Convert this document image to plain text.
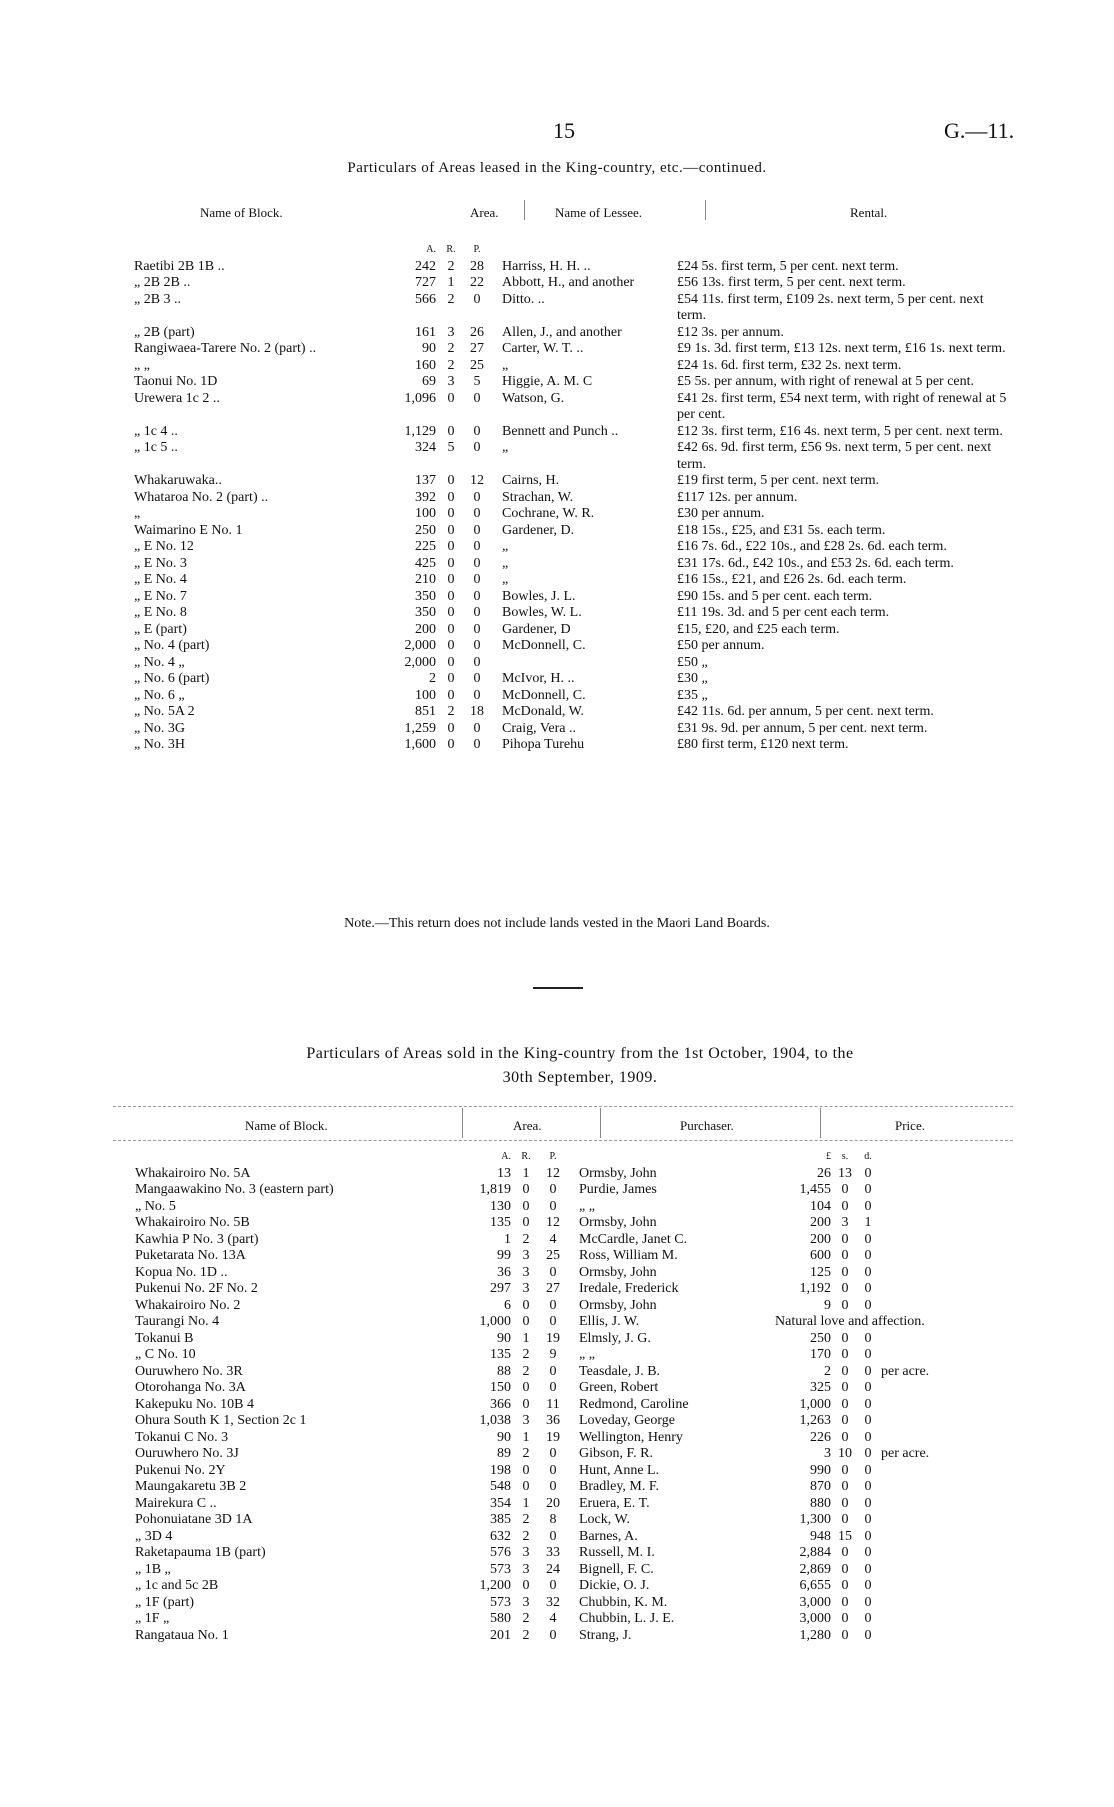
15	G.—11.
Particulars of Areas leased in the King-country, etc.—continued.
Name of Block.	Area.	Name of Lessee.	Rental.
	A.	R.	P.			
Raetibi 2B 1B ..	242	2	28		Harriss, H. H. ..	£24 5s. first term, 5 per cent. next term.
„ 2B 2B ..	727	1	22		Abbott, H., and another	£56 13s. first term, 5 per cent. next term.
„ 2B 3 ..	566	2	0		Ditto. ..	£54 11s. first term, £109 2s. next term, 5 per cent. next term.
„ 2B (part)	161	3	26		Allen, J., and another	£12 3s. per annum.
Rangiwaea-Tarere No. 2 (part) ..	90	2	27		Carter, W. T. ..	£9 1s. 3d. first term, £13 12s. next term, £16 1s. next term.
„ „	160	2	25		„	£24 1s. 6d. first term, £32 2s. next term.
Taonui No. 1D	69	3	5		Higgie, A. M. C	£5 5s. per annum, with right of renewal at 5 per cent.
Urewera 1c 2 ..	1,096	0	0		Watson, G.	£41 2s. first term, £54 next term, with right of renewal at 5 per cent.
„ 1c 4 ..	1,129	0	0		Bennett and Punch ..	£12 3s. first term, £16 4s. next term, 5 per cent. next term.
„ 1c 5 ..	324	5	0		„	£42 6s. 9d. first term, £56 9s. next term, 5 per cent. next term.
Whakaruwaka..	137	0	12		Cairns, H.	£19 first term, 5 per cent. next term.
Whataroa No. 2 (part) ..	392	0	0		Strachan, W.	£117 12s. per annum.
„	100	0	0		Cochrane, W. R.	£30 per annum.
Waimarino E No. 1	250	0	0		Gardener, D.	£18 15s., £25, and £31 5s. each term.
„ E No. 12	225	0	0		„	£16 7s. 6d., £22 10s., and £28 2s. 6d. each term.
„ E No. 3	425	0	0		„	£31 17s. 6d., £42 10s., and £53 2s. 6d. each term.
„ E No. 4	210	0	0		„	£16 15s., £21, and £26 2s. 6d. each term.
„ E No. 7	350	0	0		Bowles, J. L.	£90 15s. and 5 per cent. each term.
„ E No. 8	350	0	0		Bowles, W. L.	£11 19s. 3d. and 5 per cent each term.
„ E (part)	200	0	0		Gardener, D	£15, £20, and £25 each term.
„ No. 4 (part)	2,000	0	0		McDonnell, C.	£50 per annum.
„ No. 4 „	2,000	0	0			£50 „
„ No. 6 (part)	2	0	0		McIvor, H. ..	£30 „
„ No. 6 „	100	0	0		McDonnell, C.	£35 „
„ No. 5A 2	851	2	18		McDonald, W.	£42 11s. 6d. per annum, 5 per cent. next term.
„ No. 3G	1,259	0	0		Craig, Vera ..	£31 9s. 9d. per annum, 5 per cent. next term.
„ No. 3H	1,600	0	0		Pihopa Turehu	£80 first term, £120 next term.
Note.—This return does not include lands vested in the Maori Land Boards.
Particulars of Areas sold in the King-country from the 1st October, 1904, to the
30th September, 1909.
Name of Block.	Area.	Purchaser.	Price.
	A.	R.	P.			£	s.	d.	
Whakairoiro No. 5A	13	1	12		Ormsby, John	26	13	0	
Mangaawakino No. 3 (eastern part)	1,819	0	0		Purdie, James	1,455	0	0	
„ No. 5	130	0	0		„ „	104	0	0	
Whakairoiro No. 5B	135	0	12		Ormsby, John	200	3	1	
Kawhia P No. 3 (part)	1	2	4		McCardle, Janet C.	200	0	0	
Puketarata No. 13A	99	3	25		Ross, William M.	600	0	0	
Kopua No. 1D ..	36	3	0		Ormsby, John	125	0	0	
Pukenui No. 2F No. 2	297	3	27		Iredale, Frederick	1,192	0	0	
Whakairoiro No. 2	6	0	0		Ormsby, John	9	0	0	
Taurangi No. 4	1,000	0	0		Ellis, J. W.	Natural love and affection.			
Tokanui B	90	1	19		Elmsly, J. G.	250	0	0	
„ C No. 10	135	2	9		„ „	170	0	0	
Ouruwhero No. 3R	88	2	0		Teasdale, J. B.	2	0	0	per acre.
Otorohanga No. 3A	150	0	0		Green, Robert	325	0	0	
Kakepuku No. 10B 4	366	0	11		Redmond, Caroline	1,000	0	0	
Ohura South K 1, Section 2c 1	1,038	3	36		Loveday, George	1,263	0	0	
Tokanui C No. 3	90	1	19		Wellington, Henry	226	0	0	
Ouruwhero No. 3J	89	2	0		Gibson, F. R.	3	10	0	per acre.
Pukenui No. 2Y	198	0	0		Hunt, Anne L.	990	0	0	
Maungakaretu 3B 2	548	0	0		Bradley, M. F.	870	0	0	
Mairekura C ..	354	1	20		Eruera, E. T.	880	0	0	
Pohonuiatane 3D 1A	385	2	8		Lock, W.	1,300	0	0	
„ 3D 4	632	2	0		Barnes, A.	948	15	0	
Raketapauma 1B (part)	576	3	33		Russell, M. I.	2,884	0	0	
„ 1B „	573	3	24		Bignell, F. C.	2,869	0	0	
„ 1c and 5c 2B	1,200	0	0		Dickie, O. J.	6,655	0	0	
„ 1F (part)	573	3	32		Chubbin, K. M.	3,000	0	0	
„ 1F „	580	2	4		Chubbin, L. J. E.	3,000	0	0	
Rangataua No. 1	201	2	0		Strang, J.	1,280	0	0	
